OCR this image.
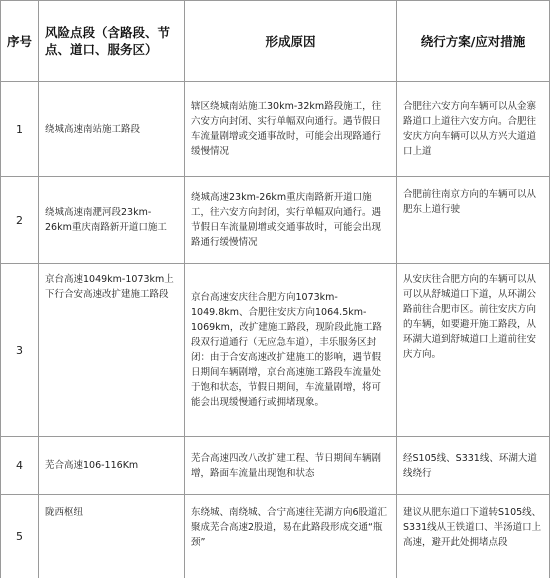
序号	风险点段（含路段、节点、道口、服务区）	形成原因	绕行方案/应对措施
1	绕城高速南站施工路段	辖区绕城南站施工30km-32km路段施工，往六安方向封闭、实行单幅双向通行。遇节假日车流量剧增或交通事故时，可能会出现路通行缓慢情况	合肥往六安方向车辆可以从金寨路道口上道往六安方向。合肥往安庆方向车辆可以从方兴大道道口上道
2	绕城高速南淝河段23km-26km重庆南路新开道口施工	绕城高速23km-26km重庆南路新开道口施工，往六安方向封闭，实行单幅双向通行。遇节假日车流量剧增或交通事故时，可能会出现路通行缓慢情况	合肥前往南京方向的车辆可以从肥东上道行驶
3	京台高速1049km-1073km上下行合安高速改扩建施工路段	京台高速安庆往合肥方向1073km-1049.8km、合肥往安庆方向1064.5km-1069km，改扩建施工路段，现阶段此施工路段双行道通行（无应急车道），丰乐服务区封闭：由于合安高速改扩建施工的影响，遇节假日期间车辆剧增，京台高速施工路段车流量处于饱和状态，节假日期间，车流量剧增，将可能会出现缓慢通行或拥堵现象。	从安庆往合肥方向的车辆可以从可以从舒城道口下道，从环湖公路前往合肥市区。前往安庆方向的车辆，如要避开施工路段，从环湖大道到舒城道口上道前往安庆方向。
4	芜合高速106-116Km	芜合高速四改八改扩建工程、节日期间车辆剧增，路面车流量出现饱和状态	经S105线、S331线、环湖大道线绕行
5	陇西枢纽	东绕城、南绕城、合宁高速往芜湖方向6股道汇聚成芜合高速2股道，易在此路段形成交通“瓶颈”	建议从肥东道口下道转S105线、S331线从王铁道口、半汤道口上高速，避开此处拥堵点段
